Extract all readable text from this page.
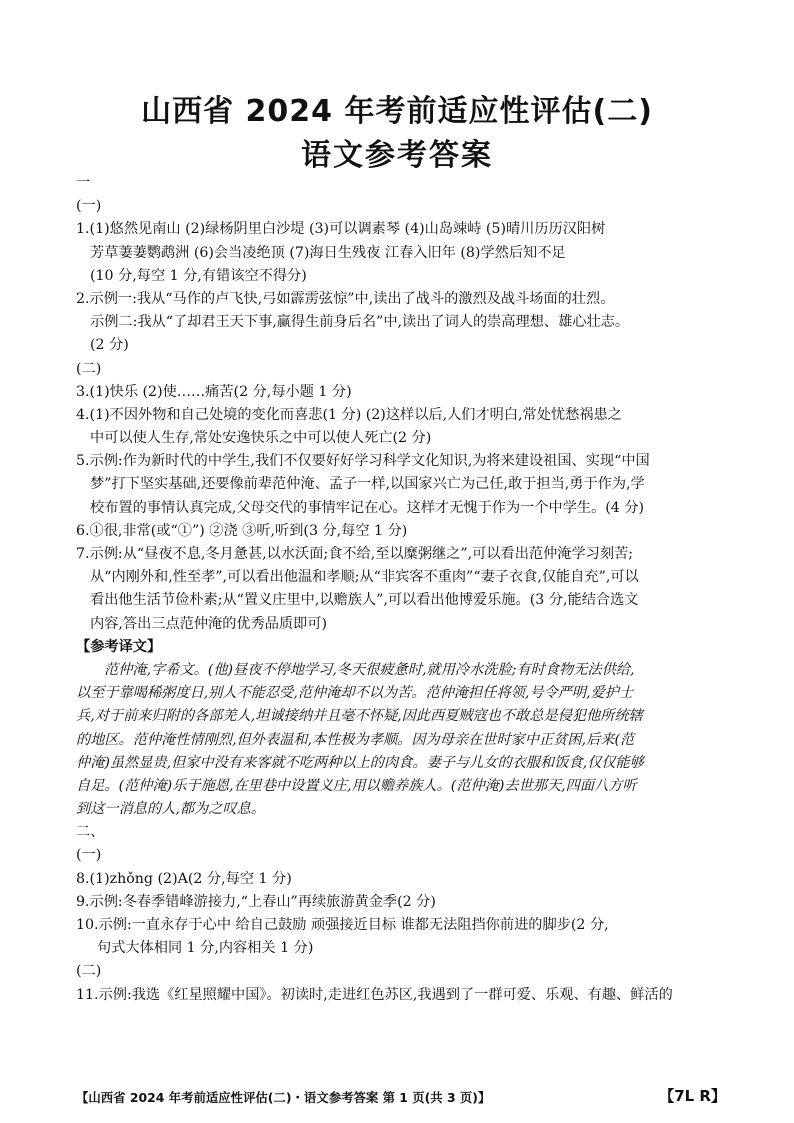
山西省 2024 年考前适应性评估(二)
语文参考答案
一
(一)
1.(1)悠然见南山 (2)绿杨阴里白沙堤 (3)可以调素琴 (4)山岛竦峙 (5)晴川历历汉阳树
芳草萋萋鹦鹉洲 (6)会当凌绝顶 (7)海日生残夜 江春入旧年 (8)学然后知不足
(10 分,每空 1 分,有错该空不得分)
2.示例一:我从“马作的卢飞快,弓如霹雳弦惊”中,读出了战斗的激烈及战斗场面的壮烈。
示例二:我从“了却君王天下事,赢得生前身后名”中,读出了词人的崇高理想、雄心壮志。
(2 分)
(二)
3.(1)快乐 (2)使……痛苦(2 分,每小题 1 分)
4.(1)不因外物和自己处境的变化而喜悲(1 分) (2)这样以后,人们才明白,常处忧愁祸患之
中可以使人生存,常处安逸快乐之中可以使人死亡(2 分)
5.示例:作为新时代的中学生,我们不仅要好好学习科学文化知识,为将来建设祖国、实现“中国
梦”打下坚实基础,还要像前辈范仲淹、孟子一样,以国家兴亡为己任,敢于担当,勇于作为,学
校布置的事情认真完成,父母交代的事情牢记在心。这样才无愧于作为一个中学生。(4 分)
6.①很,非常(或“①”) ②浇 ③听,听到(3 分,每空 1 分)
7.示例:从“昼夜不息,冬月惫甚,以水沃面;食不给,至以糜粥继之”,可以看出范仲淹学习刻苦;
从“内刚外和,性至孝”,可以看出他温和孝顺;从“非宾客不重肉”“妻子衣食,仅能自充”,可以
看出他生活节俭朴素;从“置义庄里中,以赡族人”,可以看出他博爱乐施。(3 分,能结合选文
内容,答出三点范仲淹的优秀品质即可)
【参考译文】
范仲淹,字希文。(他)昼夜不停地学习,冬天很疲惫时,就用冷水洗脸;有时食物无法供给,
以至于靠喝稀粥度日,别人不能忍受,范仲淹却不以为苦。范仲淹担任将领,号令严明,爱护士
兵,对于前来归附的各部羌人,坦诚接纳并且毫不怀疑,因此西夏贼寇也不敢总是侵犯他所统辖
的地区。范仲淹性情刚烈,但外表温和,本性极为孝顺。因为母亲在世时家中正贫困,后来(范
仲淹)虽然显贵,但家中没有来客就不吃两种以上的肉食。妻子与儿女的衣服和饭食,仅仅能够
自足。(范仲淹)乐于施恩,在里巷中设置义庄,用以赡养族人。(范仲淹)去世那天,四面八方听
到这一消息的人,都为之叹息。
二、
(一)
8.(1)zhǒng (2)A(2 分,每空 1 分)
9.示例:冬春季错峰游接力,“上春山”再续旅游黄金季(2 分)
10.示例:一直永存于心中 给自己鼓励 顽强接近目标 谁都无法阻挡你前进的脚步(2 分,
句式大体相同 1 分,内容相关 1 分)
(二)
11.示例:我选《红星照耀中国》。初读时,走进红色苏区,我遇到了一群可爱、乐观、有趣、鲜活的
【山西省 2024 年考前适应性评估(二)・语文参考答案 第 1 页(共 3 页)】	【7L R】
